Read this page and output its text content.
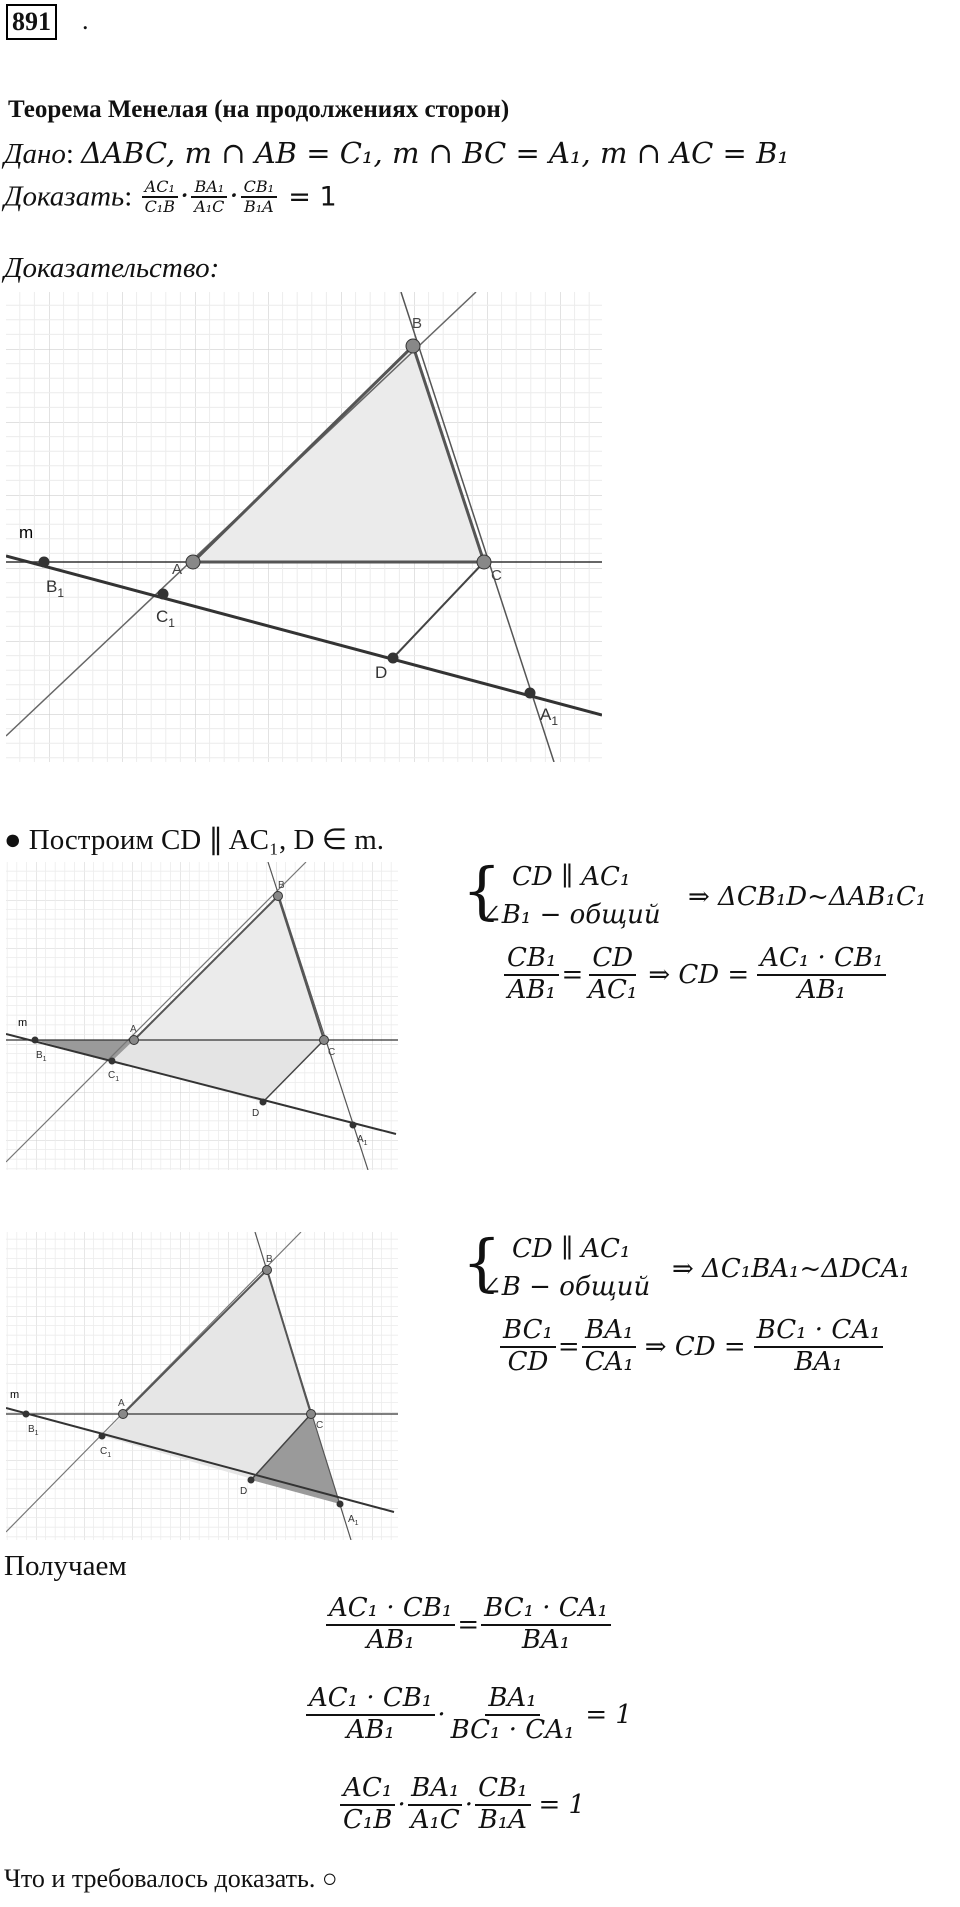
891 .
Теорема Менелая (на продолжениях сторон)
Дано: ΔABC, m ∩ AB = C₁, m ∩ BC = A₁, m ∩ AC = B₁
Доказать: $\frac{\text{AC₁}}{\text{C₁B}} \cdot \frac{\text{BA₁}}{\text{A₁C}} \cdot \frac{\text{CB₁}}{\text{B₁A}} = 1$
Доказательство:
m
A
B
C
D
$B_1$
$C_1$
$A_1$
● Построим CD ∥ AC₁, D ∈ m.
m
A
B
C
D
$B_1$
$C_1$
$A_1$
{ CD ∥ AC₁
∠B₁ − общий
⇒ ΔCB₁D~ΔAB₁C₁
$\frac{\text{CB₁}}{\text{AB₁}} = \frac{CD}{\text{AC₁}}$ ⇒ CD = $\frac{\text{AC₁ · CB₁}}{\text{AB₁}}$
m
A
B
C
D
$B_1$
$C_1$
$A_1$
{ CD ∥ AC₁
∠B − общий
⇒ ΔC₁BA₁~ΔDCA₁
$\frac{\text{BC₁}}{CD} = \frac{\text{BA₁}}{\text{CA₁}}$ ⇒ CD = $\frac{\text{BC₁ · CA₁}}{\text{BA₁}}$
Получаем
$\frac{\text{AC₁ · CB₁}}{\text{AB₁}} = \frac{\text{BC₁ · CA₁}}{\text{BA₁}}$
$\frac{\text{AC₁ · CB₁}}{\text{AB₁}} \cdot \frac{\text{BA₁}}{\text{BC₁ · CA₁}} = 1$
$\frac{\text{AC₁}}{\text{C₁B}} \cdot \frac{\text{BA₁}}{\text{A₁C}} \cdot \frac{\text{CB₁}}{\text{B₁A}} = 1$
Что и требовалось доказать. ○
